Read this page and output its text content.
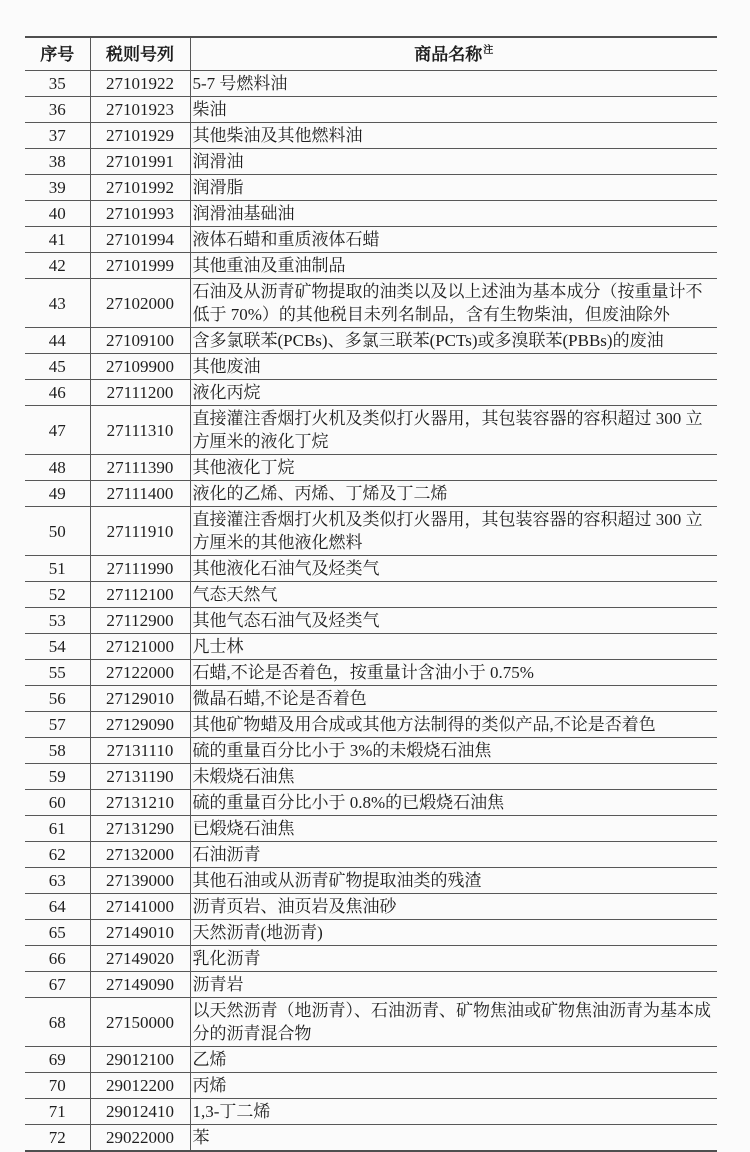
序号	税则号列	商品名称$^注$
35	27101922	5-7 号燃料油
36	27101923	柴油
37	27101929	其他柴油及其他燃料油
38	27101991	润滑油
39	27101992	润滑脂
40	27101993	润滑油基础油
41	27101994	液体石蜡和重质液体石蜡
42	27101999	其他重油及重油制品
43	27102000	石油及从沥青矿物提取的油类以及以上述油为基本成分（按重量计不低于 70%）的其他税目未列名制品，含有生物柴油，但废油除外
44	27109100	含多氯联苯(PCBs)、多氯三联苯(PCTs)或多溴联苯(PBBs)的废油
45	27109900	其他废油
46	27111200	液化丙烷
47	27111310	直接灌注香烟打火机及类似打火器用，其包装容器的容积超过 300 立方厘米的液化丁烷
48	27111390	其他液化丁烷
49	27111400	液化的乙烯、丙烯、丁烯及丁二烯
50	27111910	直接灌注香烟打火机及类似打火器用，其包装容器的容积超过 300 立方厘米的其他液化燃料
51	27111990	其他液化石油气及烃类气
52	27112100	气态天然气
53	27112900	其他气态石油气及烃类气
54	27121000	凡士林
55	27122000	石蜡,不论是否着色，按重量计含油小于 0.75%
56	27129010	微晶石蜡,不论是否着色
57	27129090	其他矿物蜡及用合成或其他方法制得的类似产品,不论是否着色
58	27131110	硫的重量百分比小于 3%的未煅烧石油焦
59	27131190	未煅烧石油焦
60	27131210	硫的重量百分比小于 0.8%的已煅烧石油焦
61	27131290	已煅烧石油焦
62	27132000	石油沥青
63	27139000	其他石油或从沥青矿物提取油类的残渣
64	27141000	沥青页岩、油页岩及焦油砂
65	27149010	天然沥青(地沥青)
66	27149020	乳化沥青
67	27149090	沥青岩
68	27150000	以天然沥青（地沥青）、石油沥青、矿物焦油或矿物焦油沥青为基本成分的沥青混合物
69	29012100	乙烯
70	29012200	丙烯
71	29012410	1,3-丁二烯
72	29022000	苯
